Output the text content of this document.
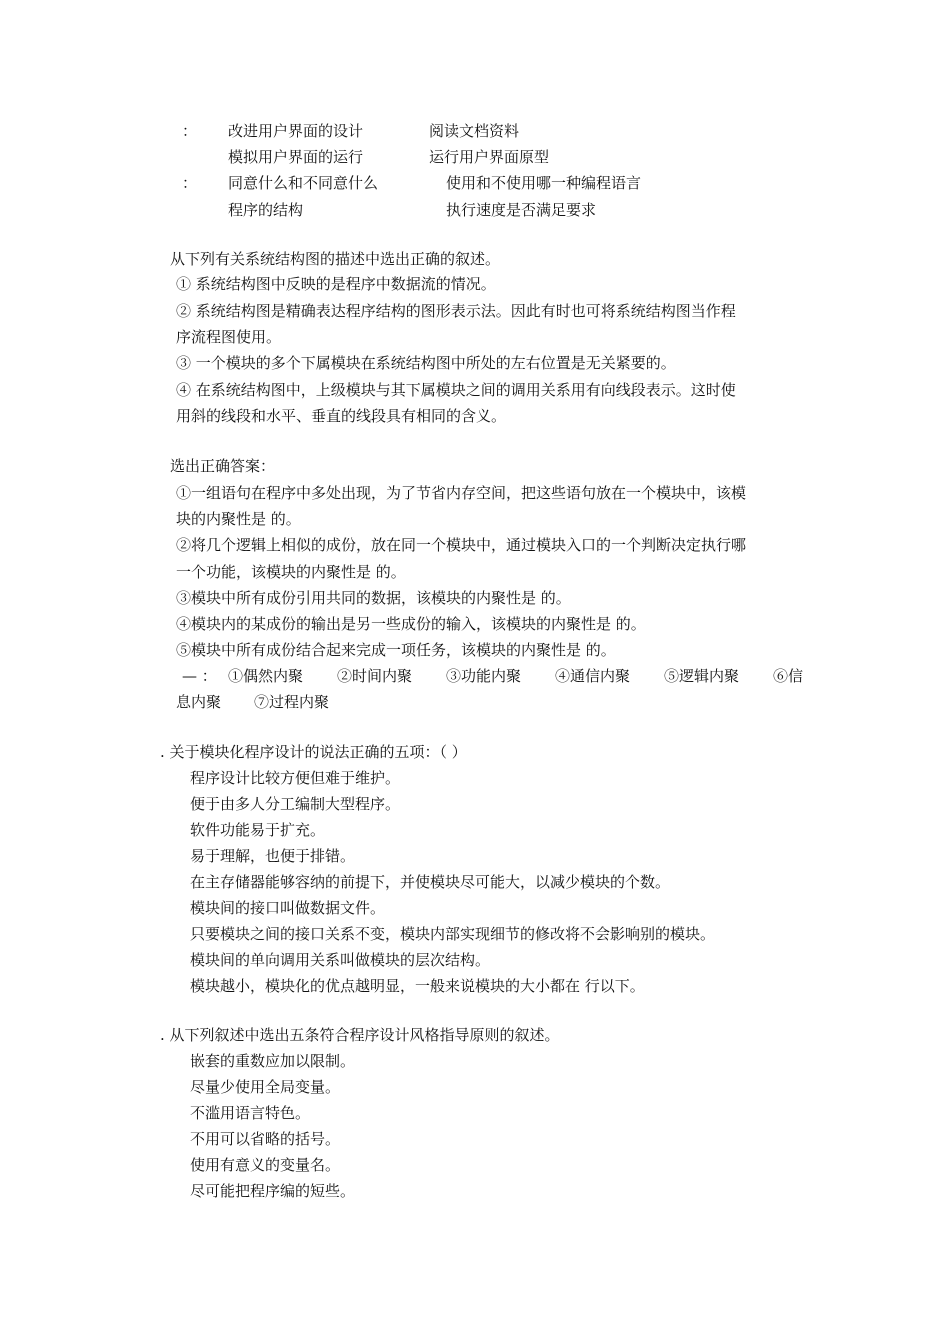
： 改进用户界面的设计	阅读文档资料
模拟用户界面的运行	运行用户界面原型
： 同意什么和不同意什么	使用和不使用哪一种编程语言
程序的结构	执行速度是否满足要求
从下列有关系统结构图的描述中选出正确的叙述。
① 系统结构图中反映的是程序中数据流的情况。
② 系统结构图是精确表达程序结构的图形表示法。因此有时也可将系统结构图当作程
序流程图使用。
③ 一个模块的多个下属模块在系统结构图中所处的左右位置是无关紧要的。
④ 在系统结构图中，上级模块与其下属模块之间的调用关系用有向线段表示。这时使
用斜的线段和水平、垂直的线段具有相同的含义。
选出正确答案：
①一组语句在程序中多处出现，为了节省内存空间，把这些语句放在一个模块中，该模
块的内聚性是 的。
②将几个逻辑上相似的成份，放在同一个模块中，通过模块入口的一个判断决定执行哪
一个功能，该模块的内聚性是 的。
③模块中所有成份引用共同的数据，该模块的内聚性是 的。
④模块内的某成份的输出是另一些成份的输入，该模块的内聚性是 的。
⑤模块中所有成份结合起来完成一项任务，该模块的内聚性是 的。
— ： ①偶然内聚 ②时间内聚 ③功能内聚 ④通信内聚 ⑤逻辑内聚 ⑥信
息内聚 ⑦过程内聚
. 关于模块化程序设计的说法正确的五项：（ ）
程序设计比较方便但难于维护。
便于由多人分工编制大型程序。
软件功能易于扩充。
易于理解，也便于排错。
在主存储器能够容纳的前提下，并使模块尽可能大，以减少模块的个数。
模块间的接口叫做数据文件。
只要模块之间的接口关系不变，模块内部实现细节的修改将不会影响别的模块。
模块间的单向调用关系叫做模块的层次结构。
模块越小，模块化的优点越明显，一般来说模块的大小都在 行以下。
. 从下列叙述中选出五条符合程序设计风格指导原则的叙述。
嵌套的重数应加以限制。
尽量少使用全局变量。
不滥用语言特色。
不用可以省略的括号。
使用有意义的变量名。
尽可能把程序编的短些。
